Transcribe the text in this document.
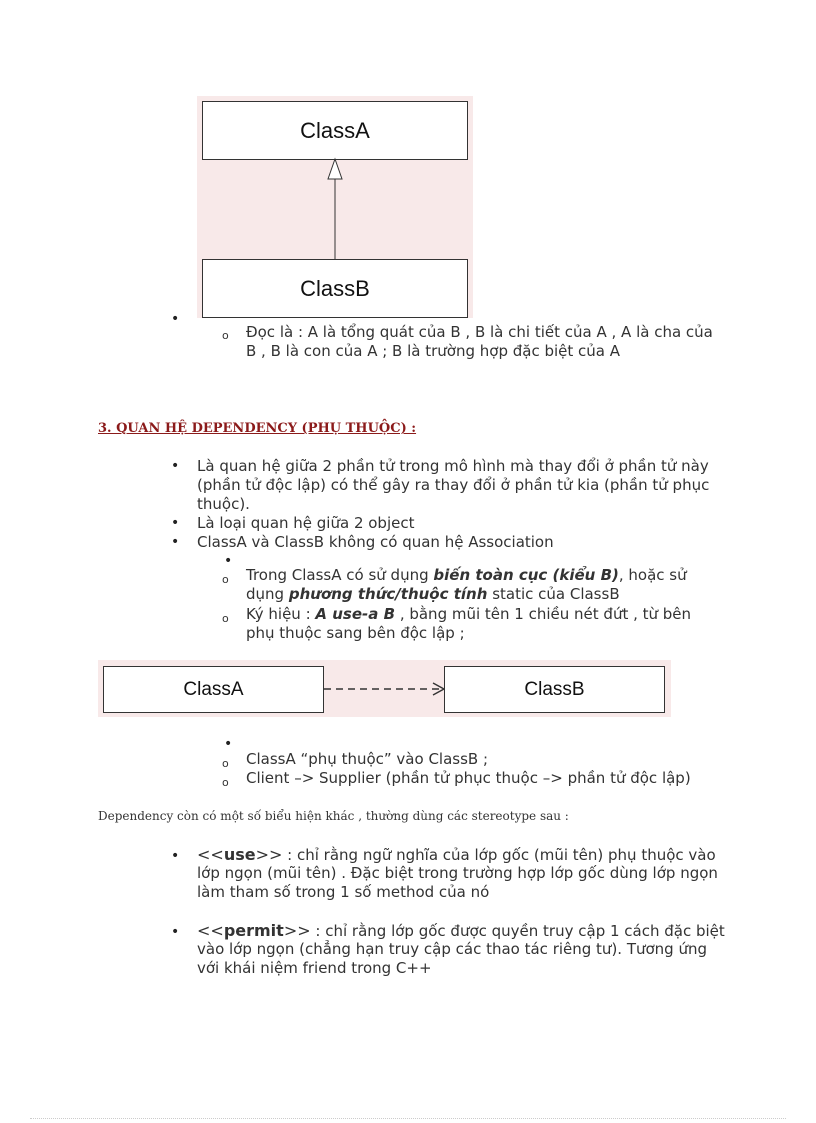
ClassA
ClassB
•
o Đọc là : A là tổng quát của B , B là chi tiết của A , A là cha của
B , B là con của A ; B là trường hợp đặc biệt của A
3. QUAN HỆ DEPENDENCY (PHỤ THUỘC) :
• Là quan hệ giữa 2 phần tử trong mô hình mà thay đổi ở phần tử này
(phần tử độc lập) có thể gây ra thay đổi ở phần tử kia (phần tử phục
thuộc).
• Là loại quan hệ giữa 2 object
• ClassA và ClassB không có quan hệ Association
•
o Trong ClassA có sử dụng biến toàn cục (kiểu B), hoặc sử
dụng phương thức/thuộc tính static của ClassB
o Ký hiệu : A use-a B , bằng mũi tên 1 chiều nét đứt , từ bên
phụ thuộc sang bên độc lập ;
ClassA	ClassB
•
o ClassA “phụ thuộc” vào ClassB ;
o Client –> Supplier (phần tử phục thuộc –> phần tử độc lập)
Dependency còn có một số biểu hiện khác , thường dùng các stereotype sau :
• <<use>> : chỉ rằng ngữ nghĩa của lớp gốc (mũi tên) phụ thuộc vào
lớp ngọn (mũi tên) . Đặc biệt trong trường hợp lớp gốc dùng lớp ngọn
làm tham số trong 1 số method của nó
• <<permit>> : chỉ rằng lớp gốc được quyền truy cập 1 cách đặc biệt
vào lớp ngọn (chẳng hạn truy cập các thao tác riêng tư). Tương ứng
với khái niệm friend trong C++
